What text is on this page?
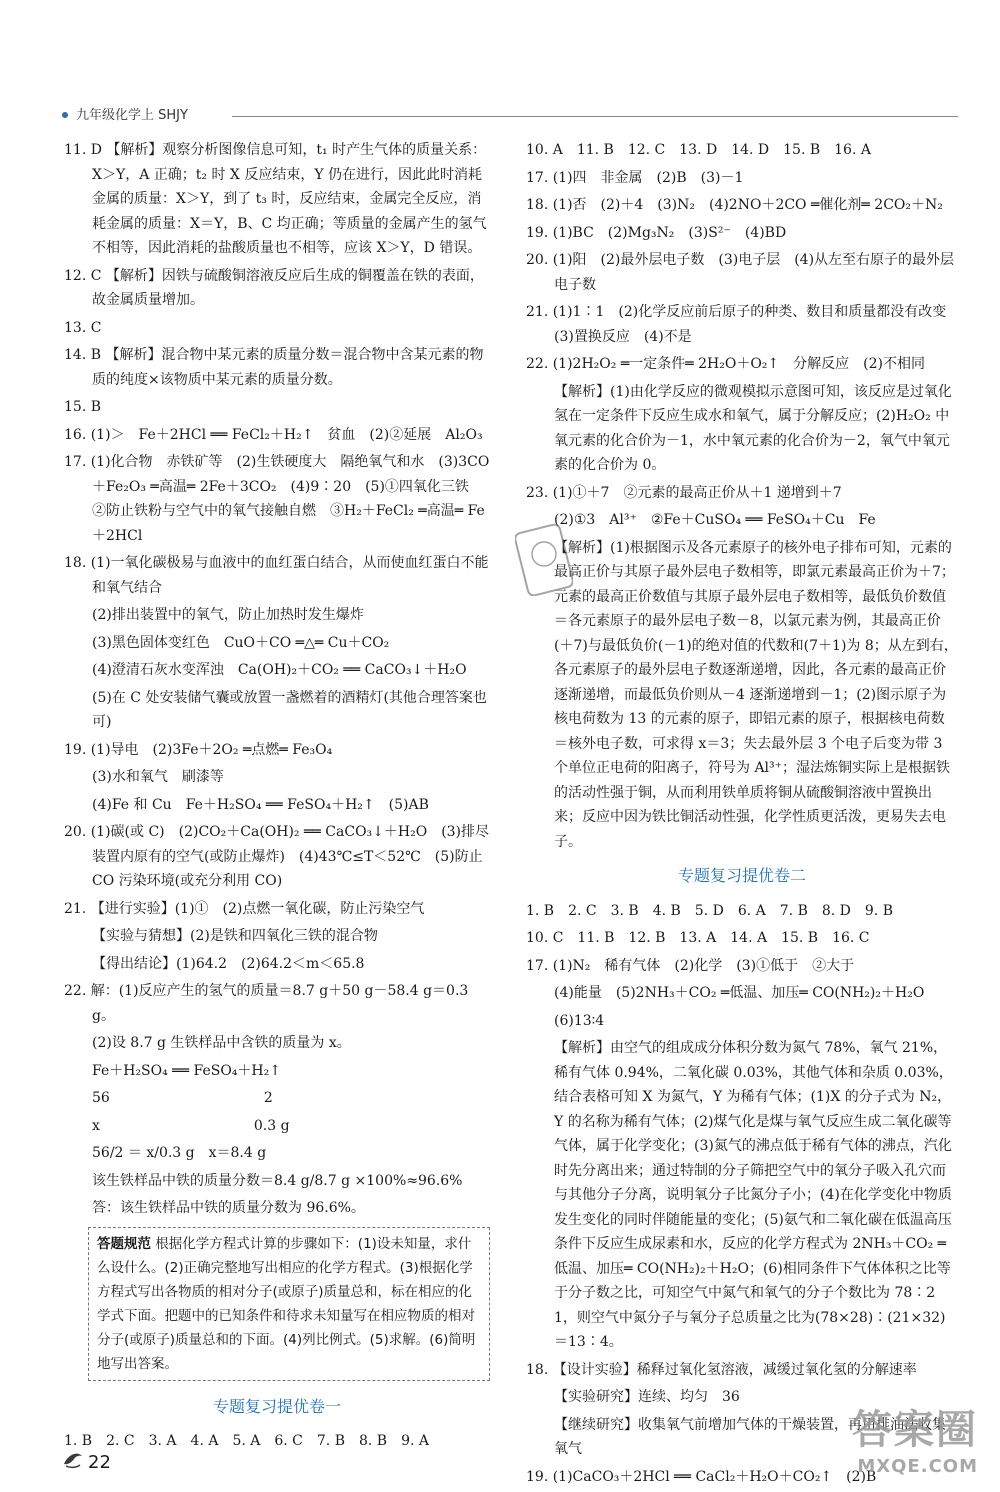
九年级化学上 SHJY
11. D 【解析】观察分析图像信息可知，t₁ 时产生气体的质量关系：X＞Y，A 正确；t₂ 时 X 反应结束，Y 仍在进行，因此此时消耗金属的质量：X＞Y，到了 t₃ 时，反应结束，金属完全反应，消耗金属的质量：X＝Y，B、C 均正确；等质量的金属产生的氢气不相等，因此消耗的盐酸质量也不相等，应该 X＞Y，D 错误。
12. C 【解析】因铁与硫酸铜溶液反应后生成的铜覆盖在铁的表面，故金属质量增加。
13. C
14. B 【解析】混合物中某元素的质量分数＝混合物中含某元素的物质的纯度×该物质中某元素的质量分数。
15. B
16. (1)＞　Fe＋2HCl ══ FeCl₂＋H₂↑　贫血　(2)②延展　Al₂O₃
17. (1)化合物　赤铁矿等　(2)生铁硬度大　隔绝氧气和水　(3)3CO＋Fe₂O₃ ═高温═ 2Fe＋3CO₂　(4)9∶20　(5)①四氧化三铁　②防止铁粉与空气中的氧气接触自燃　③H₂＋FeCl₂ ═高温═ Fe＋2HCl
18. (1)一氧化碳极易与血液中的血红蛋白结合，从而使血红蛋白不能和氧气结合
(2)排出装置中的氧气，防止加热时发生爆炸
(3)黑色固体变红色　CuO＋CO ═△═ Cu＋CO₂
(4)澄清石灰水变浑浊　Ca(OH)₂＋CO₂ ══ CaCO₃↓＋H₂O
(5)在 C 处安装储气囊或放置一盏燃着的酒精灯(其他合理答案也可)
19. (1)导电　(2)3Fe＋2O₂ ═点燃═ Fe₃O₄
(3)水和氧气　刷漆等
(4)Fe 和 Cu　Fe＋H₂SO₄ ══ FeSO₄＋H₂↑　(5)AB
20. (1)碳(或 C)　(2)CO₂＋Ca(OH)₂ ══ CaCO₃↓＋H₂O　(3)排尽装置内原有的空气(或防止爆炸)　(4)43℃≤T＜52℃　(5)防止 CO 污染环境(或充分利用 CO)
21. 【进行实验】(1)①　(2)点燃一氧化碳，防止污染空气
【实验与猜想】(2)是铁和四氧化三铁的混合物
【得出结论】(1)64.2　(2)64.2＜m＜65.8
22. 解：(1)反应产生的氢气的质量＝8.7 g＋50 g－58.4 g＝0.3 g。
(2)设 8.7 g 生铁样品中含铁的质量为 x。
Fe＋H₂SO₄ ══ FeSO₄＋H₂↑
56　　　　　　　　　　　2
x　　　　　　　　　　　0.3 g
56/2 ＝ x/0.3 g　x＝8.4 g
该生铁样品中铁的质量分数＝8.4 g/8.7 g ×100%≈96.6%
答：该生铁样品中铁的质量分数为 96.6%。
答题规范 根据化学方程式计算的步骤如下：(1)设未知量，求什么设什么。(2)正确完整地写出相应的化学方程式。(3)根据化学方程式写出各物质的相对分子(或原子)质量总和，标在相应的化学式下面。把题中的已知条件和待求未知量写在相应物质的相对分子(或原子)质量总和的下面。(4)列比例式。(5)求解。(6)简明地写出答案。
专题复习提优卷一
1. B　2. C　3. A　4. A　5. A　6. C　7. B　8. B　9. A
10. A　11. B　12. C　13. D　14. D　15. B　16. A
17. (1)四　非金属　(2)B　(3)－1
18. (1)否　(2)＋4　(3)N₂　(4)2NO＋2CO ═催化剂═ 2CO₂＋N₂
19. (1)BC　(2)Mg₃N₂　(3)S²⁻　(4)BD
20. (1)阳　(2)最外层电子数　(3)电子层　(4)从左至右原子的最外层电子数
21. (1)1∶1　(2)化学反应前后原子的种类、数目和质量都没有改变　(3)置换反应　(4)不是
22. (1)2H₂O₂ ═一定条件═ 2H₂O＋O₂↑　分解反应　(2)不相同
【解析】(1)由化学反应的微观模拟示意图可知，该反应是过氧化氢在一定条件下反应生成水和氧气，属于分解反应；(2)H₂O₂ 中氧元素的化合价为－1，水中氧元素的化合价为－2，氧气中氧元素的化合价为 0。
23. (1)①＋7　②元素的最高正价从＋1 递增到＋7
(2)①3　Al³⁺　②Fe＋CuSO₄ ══ FeSO₄＋Cu　Fe
【解析】(1)根据图示及各元素原子的核外电子排布可知，元素的最高正价与其原子最外层电子数相等，即氯元素最高正价为＋7；元素的最高正价数值与其原子最外层电子数相等，最低负价数值＝各元素原子的最外层电子数－8，以氯元素为例，其最高正价(＋7)与最低负价(－1)的绝对值的代数和(7＋1)为 8；从左到右，各元素原子的最外层电子数逐渐递增，因此，各元素的最高正价逐渐递增，而最低负价则从－4 逐渐递增到－1；(2)图示原子为核电荷数为 13 的元素的原子，即铝元素的原子，根据核电荷数＝核外电子数，可求得 x＝3；失去最外层 3 个电子后变为带 3 个单位正电荷的阳离子，符号为 Al³⁺；湿法炼铜实际上是根据铁的活动性强于铜，从而利用铁单质将铜从硫酸铜溶液中置换出来；反应中因为铁比铜活动性强，化学性质更活泼，更易失去电子。
专题复习提优卷二
1. B　2. C　3. B　4. B　5. D　6. A　7. B　8. D　9. B
10. C　11. B　12. B　13. A　14. A　15. B　16. C
17. (1)N₂　稀有气体　(2)化学　(3)①低于　②大于
(4)能量　(5)2NH₃＋CO₂ ═低温、加压═ CO(NH₂)₂＋H₂O
(6)13∶4
【解析】由空气的组成成分体积分数为氮气 78%，氧气 21%，稀有气体 0.94%，二氧化碳 0.03%，其他气体和杂质 0.03%，结合表格可知 X 为氮气，Y 为稀有气体；(1)X 的分子式为 N₂，Y 的名称为稀有气体；(2)煤气化是煤与氧气反应生成二氧化碳等气体，属于化学变化；(3)氮气的沸点低于稀有气体的沸点，汽化时先分离出来；通过特制的分子筛把空气中的氧分子吸入孔穴而与其他分子分离，说明氧分子比氮分子小；(4)在化学变化中物质发生变化的同时伴随能量的变化；(5)氨气和二氧化碳在低温高压条件下反应生成尿素和水，反应的化学方程式为 2NH₃＋CO₂ ═低温、加压═ CO(NH₂)₂＋H₂O；(6)相同条件下气体体积之比等于分子数之比，可知空气中氮气和氧气的分子个数比为 78∶21，则空气中氮分子与氧分子总质量之比为(78×28)∶(21×32)＝13∶4。
18. 【设计实验】稀释过氧化氢溶液，减缓过氧化氢的分解速率
【实验研究】连续、均匀　36
【继续研究】收集氧气前增加气体的干燥装置，再用排油法收集氧气
19. (1)CaCO₃＋2HCl ══ CaCl₂＋H₂O＋CO₂↑　(2)B
22
答案圈
MXQE.COM
